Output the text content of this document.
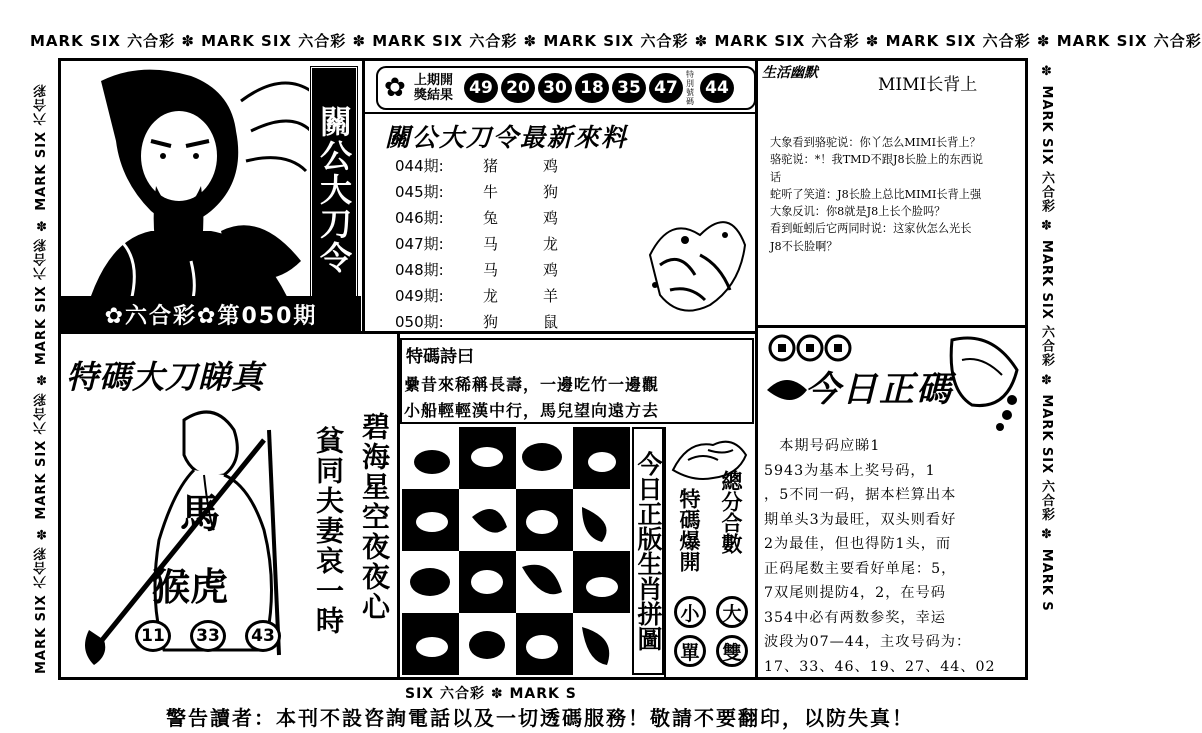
MARK SIX 六合彩 ✽ MARK SIX 六合彩 ✽ MARK SIX 六合彩 ✽ MARK SIX 六合彩 ✽ MARK SIX 六合彩 ✽ MARK SIX 六合彩 ✽ MARK SIX 六合彩
MARK SIX 六合彩 ✽ MARK SIX 六合彩 ✽ MARK SIX 六合彩 ✽ MARK SIX 六合彩	✽ MARK SIX 六合彩 ✽ MARK SIX 六合彩 ✽ MARK SIX 六合彩 ✽ MARK S
SIX 六合彩 ✽ MARK S
關公大刀令
✿六合彩✿第050期
✿ 上期開
獎結果 49 20 30 18 35 47
特別號碼
44
關公大刀令最新來料
044期:	猪	鸡
045期:	牛	狗
046期:	兔	鸡
047期:	马	龙
048期:	马	鸡
049期:	龙	羊
050期:	狗	鼠
生活幽默
MIMI长背上
大象看到骆驼说：你丫怎么MIMI长背上？
骆驼说：*！我TMD不跟J8长脸上的东西说
话
蛇听了笑道：J8长脸上总比MIMI长背上强
大象反讥：你8就是J8上长个脸吗？
看到蚯蚓后它两同时说：这家伙怎么光长
J8不长脸啊？
特碼大刀睇真
馬
猴虎
11	33	43
碧海星空夜夜心
貧同夫妻哀一時
特碼詩曰
纍昔來稀稱長壽，一邊吃竹一邊觀
小船輕輕漢中行，馬兒望向遠方去
今日正版生肖拼圖 特碼爆開 總分合數
小
單
大
雙
今日正碼
　本期号码应睇1
5943为基本上奖号码，1
，5不同一码，据本栏算出本
期单头3为最旺，双头则看好
2为最佳，但也得防1头，而
正码尾数主要看好单尾：5，
7双尾则提防4，2，在号码
354中必有两数参奖，幸运
波段为07—44，主攻号码为：
17、33、46、19、27、44、02
警告讀者：本刊不設咨詢電話以及一切透碼服務！敬請不要翻印，以防失真！
